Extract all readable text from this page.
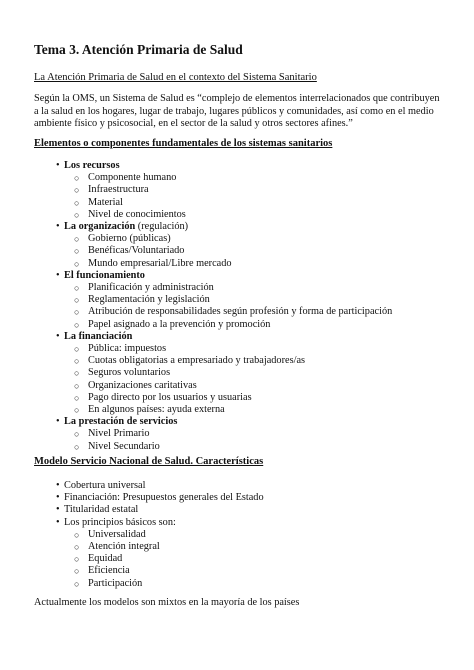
Tema 3. Atención Primaria de Salud
La Atención Primaria de Salud en el contexto del Sistema Sanitario

Según la OMS, un Sistema de Salud es “complejo de elementos interrelacionados que contribuyen a la salud en los hogares, lugar de trabajo, lugares públicos y comunidades, así como en el medio ambiente físico y psicosocial, en el sector de la salud y otros sectores afines.”

Elementos o componentes fundamentales de los sistemas sanitarios
• Los recursos
○ Componente humano
○ Infraestructura
○ Material
○ Nivel de conocimientos
• La organización (regulación)
○ Gobierno (públicas)
○ Benéficas/Voluntariado
○ Mundo empresarial/Libre mercado
• El funcionamiento
○ Planificación y administración
○ Reglamentación y legislación
○ Atribución de responsabilidades según profesión y forma de participación
○ Papel asignado a la prevención y promoción
• La financiación
○ Pública: impuestos
○ Cuotas obligatorias a empresariado y trabajadores/as
○ Seguros voluntarios
○ Organizaciones caritativas
○ Pago directo por los usuarios y usuarias
○ En algunos países: ayuda externa
• La prestación de servicios
○ Nivel Primario
○ Nivel Secundario
Modelo Servicio Nacional de Salud. Características
• Cobertura universal
• Financiación: Presupuestos generales del Estado
• Titularidad estatal
• Los principios básicos son:
○ Universalidad
○ Atención integral
○ Equidad
○ Eficiencia
○ Participación

Actualmente los modelos son mixtos en la mayoría de los países
